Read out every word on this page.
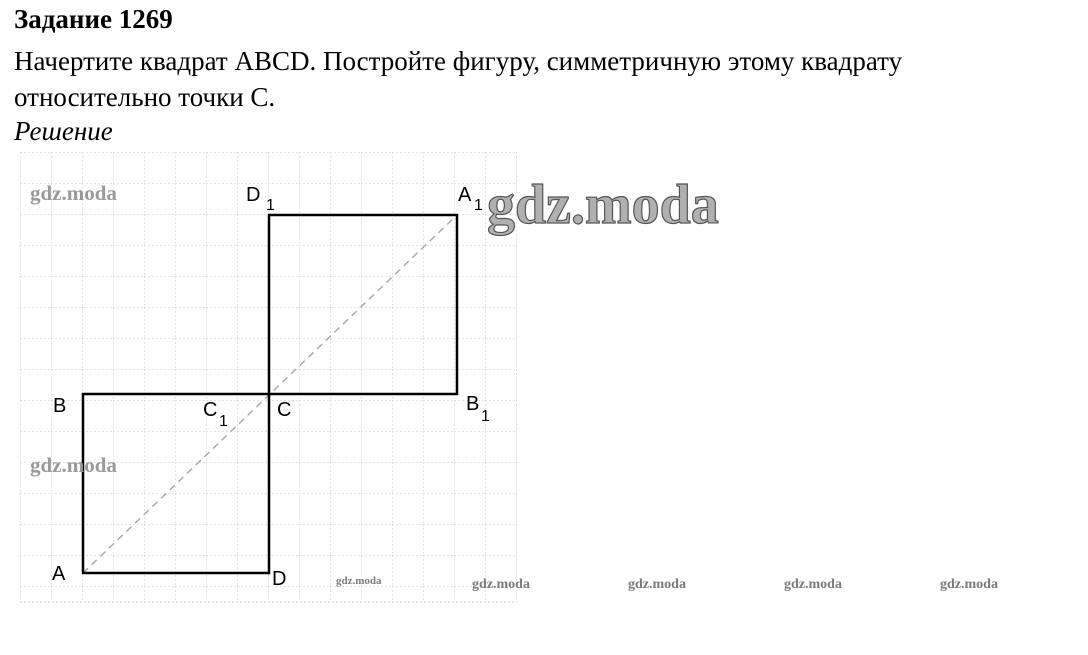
Задание 1269
Начертите квадрат ABCD. Постройте фигуру, симметричную этому квадрату
относительно точки C.
Решение
A
B	C
D
C
1
B
1
D 1	A 1 gdz.moda
gdz.moda
gdz.moda
gdz.moda	gdz.moda	gdz.moda	gdz.moda	gdz.moda
